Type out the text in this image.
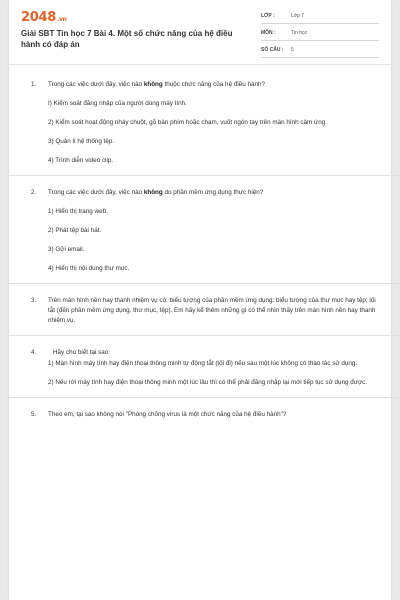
2048.vn
Giải SBT Tin học 7 Bài 4. Một số chức năng của hệ điều hành có đáp án
LỚP :	Lớp 7
MÔN :	Tin học
SỐ CÂU : 5
1. Trong các việc dưới đây, việc nào không thuộc chức năng của hệ điều hành?

I) Kiểm soát đăng nhập của người dùng máy tính.

2) Kiểm soát hoạt động nháy chuột, gõ bàn phím hoặc chạm, vuốt ngón tay trên màn hình cảm ứng.

3) Quản lí hệ thống tệp.

4) Trình diễn video clip.

2. Trong các việc dưới đây, việc nào không do phần mềm ứng dụng thực hiện?

1) Hiển thị trang web.

2) Phát tệp bài hát.

3) Gửi email.

4) Hiển thị nội dung thư mục.

3. Trên màn hình nền hay thanh nhiệm vụ có: biểu tượng của phần mềm ứng dụng; biểu tượng của thư mục hay tệp; lối tắt (đến phần mềm ứng dụng, thư mục, tệp). Em hãy kể thêm những gì có thể nhìn thấy trên màn hình nền hay thanh nhiệm vụ.

4.	Hãy cho biết tại sao:

1) Màn hình máy tính hay điện thoại thông minh tự động tắt (tối đi) nếu sau một lúc không có thao tác sử dụng.

2) Nếu rời máy tính hay điện thoại thông minh một lúc lâu thì có thể phải đăng nhập lại mới tiếp tục sử dụng được.

5. Theo em, tại sao không nói "Phòng chống virus là một chức năng của hệ điều hành"?
